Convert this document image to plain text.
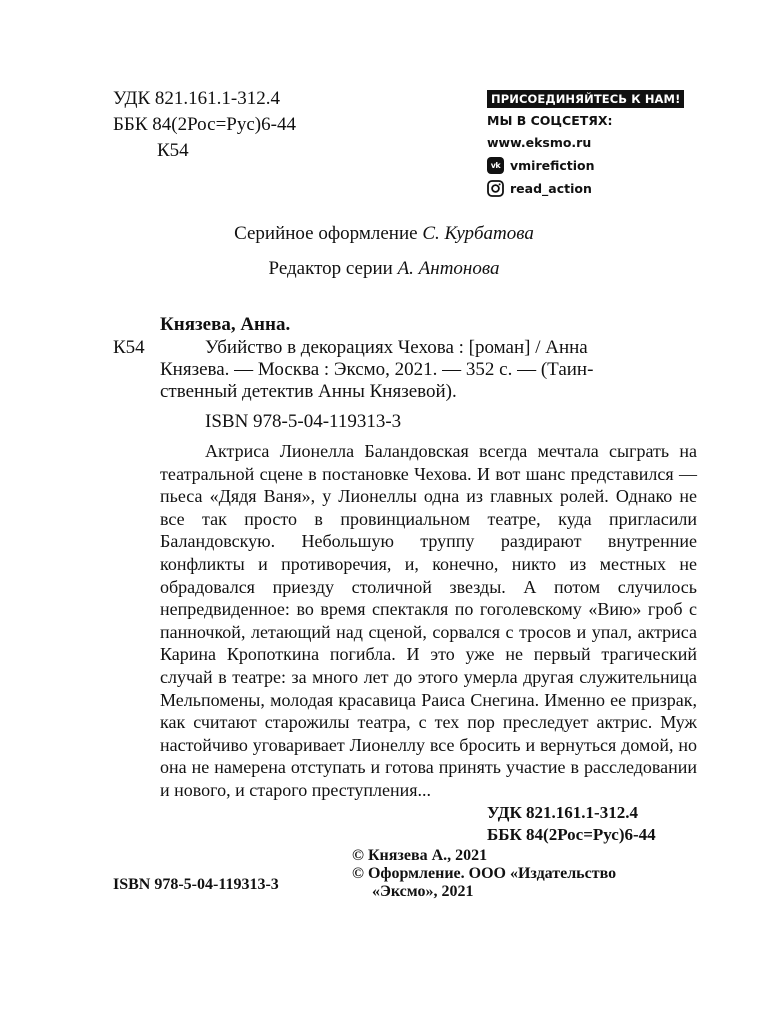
УДК 821.161.1-312.4
ББК 84(2Рос=Рус)6-44
К54
ПРИСОЕДИНЯЙТЕСЬ К НАМ!
МЫ В СОЦСЕТЯХ:
www.eksmo.ru
vk vmirefiction
read_action
Серийное оформление С. Курбатова
Редактор серии А. Антонова
Князева, Анна.
К54	Убийство в декорациях Чехова : [роман] / Анна
Князева. — Москва : Эксмо, 2021. — 352 с. — (Таин-
ственный детектив Анны Князевой).
ISBN 978-5-04-119313-3
Актриса Лионелла Баландовская всегда мечтала сыграть на театральной сцене в постановке Чехова. И вот шанс представился — пьеса «Дядя Ваня», у Лионеллы одна из главных ролей. Однако не все так просто в провинциальном театре, куда пригласили Баландовскую. Небольшую труппу раздирают внутренние конфликты и противоречия, и, конечно, никто из местных не обрадовался приезду столичной звезды. А потом случилось непредвиденное: во время спектакля по гоголевскому «Вию» гроб с панночкой, летающий над сценой, сорвался с тросов и упал, актриса Карина Кропоткина погибла. И это уже не первый трагический случай в театре: за много лет до этого умерла другая служительница Мельпомены, молодая красавица Раиса Снегина. Именно ее призрак, как считают старожилы театра, с тех пор преследует актрис. Муж настойчиво уговаривает Лионеллу все бросить и вернуться домой, но она не намерена отступать и готова принять участие в расследовании и нового, и старого преступления...
УДК 821.161.1-312.4
ББК 84(2Рос=Рус)6-44
© Князева А., 2021
© Оформление. ООО «Издательство
«Эксмо», 2021
ISBN 978-5-04-119313-3
